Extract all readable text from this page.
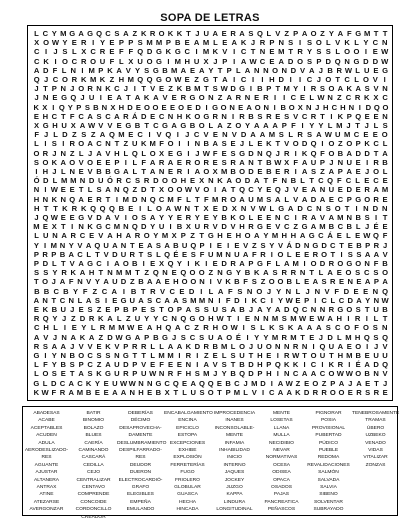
SOPA DE LETRAS
L C Y M G A G Q C S A Z K R O K K T J U A E R A S Q L V Z P A O Z Y A F G M T T
X O W Y E R I Y E P P S M M P B E A M L E A K J R P N S I S O L V K L Y C N
C I J S L X C R E F F Q D G K G C I M K V I C T N E M T R Y S S L O O I E W
C K I O C R O U F L X U O G I M H U X J P I A W C E A D O S P D Q N G D D W
A D F L N I M P K A V Y S G B M A E A Y T P L A N N O N D V A J B R W L U E G
Q J C O R K M K Z H M Q Q G O W E Z G T A I C I I H D I I C J O T C L O V I
J T P N J O R N K C J I T V E Z K B M T S W D G I B P T M Y I R S O A K A S V N
J N E G Q J U I E A T A K A V E R G O N Z A R N E R I I C E L W N Z C R K X C
K X I Q Y P S B N X H D E O O E E O E D I G O N E A O N I B O X N J H C H N I D Q O
E H C T F C A S C A R Á D E C N H K O G R N I R B S R E S V C R T I K P Q E E N
X G H U X A W V V E G B T C G A G B O L A Z O Y A A A P F I Y Y L M J T J L S
F J L D Z S Z A Q M E C I V Q I J C V E N V D A A M S L R S A W U M C E E O
L I S I R O A C N T Z U K M F O I I N B A S E J L E K T V O D Q I O Z O P K C L
O R J N Z L J A V H L Q L O X E G I J W F E S G D N Q J R I K Q F O B A D D T A
S O K A O V O E E P I L F A R A E R O R E S R A N T B W X F A U P J N U E I R B
I H J L N E V B B G A L T A N E R I A O X M B O D E B E R I A S Z A P A E J O L
Ó D L M M N D U Ó R C S R D O O H E X N K A O D A T F N B L T C Q F C L E C E
N I W E E T L S A N Q Z D T X O O W V O I A T Q C Y E Q J V E A N U E D E R A M
H N K N Q A E R T I M D N Q C M F L T F M R O A U M S A L V A D A E C P G O R E
H T T K R K Q Q Q B E I L O A W N T X E D X N V W L G A D C N S O T I N D N
J Q W E E G V D A V I O S A Y Y E R Y E Y B K O L E E N C I R A V A M N B S I T
M E X T I N K G C M N Q D Y U I B X U R V D V H R G E V C Z G A M B C B L J É E
L U N A R C E V A H A R O Y M X P Z T G H E H O A Y M H H A G C Á E L E W Q F
Y I M N Y V A Q U A N T E A S A B U Q P I E I E V Z S Y V Á D N G D C T E B P R J
P R P B A C L T V D U R T S L Q É E S F U M N U A F R I O L E E R O T I S S A A V
P D L T V A G C I A O B I E X Q Y I K I E D R A P G F L A M I O D R O G O N F B
S S Y R K A H T N M M T Z Q N E Q O O Z N G Y B K A S R R N T L A E O S C S O
T O J A F N V Y A U D Z B A A E H O O N I V K B F S Z O O B L E A S R E N E A P A
B B C B Y F Z C A I B T R V C E D I L A F S N O J Y N L J N V F D E E N Q
A N T C N L A S I E G U A S C A A S M M N I F D I K C I Y W E P I C L C D A Y N W
E K B U J E S Z E P B P E S T O P A S S U S A B J A Y A D Q C N N R G O S T U B
R Q Y J Z D R K A L Z U Y Y C N Q G O H W T I E N N M S M W E W A H I R I L T
C H L I E Y L R M M W E A H Q A C Z R H O W I S L K S K A A A S C O F O S N
A V J N A K A Z D W G A P B G J S C S U A O É I Y Y M R M T E J D L M H Q S Q
R S A A J V V E K V P R R L L A A K D R B M L O J U O N N R N I Q U A E O I J V
G I Y N B O C S S N G T T L M M I R I Z E L S U T H E I R W T O U T H M B E U U
L F Y B S P C Z A U D P V E F E E N I A V S T B D H P Q K K I C I K R I É A D Q
L O S E T A S K G U R P U W N R F H S M J Y B Q D P H I N C A A C O W W O B N V
G L D C A C K Y E U W W N N G C Q E A Q Q E B C J M D I A W Z E O Z P A J A E T J
K W F R A M B E E A A N H E B X T L U S O T P M L V I C A A K D R R O O E R S R E
ABADESAS
ACABE
ACEPTABLES
ACUDEN
ADULA
AERODESLIZADO-
RES
AGUANTE
AJUSTAR
ALTANERA
ANTRAX
ATINE
ATEZARSE
AVERGONZAR
BATIR
BINOMIO
BOLAZO
BLUES
CAERÍA
CAMINANDO
CASCARÁ
CEDILLA
CEJO
CENTRALIZAR
CENTAVO
COMPRENDE
CONCOIDE
CORDONCILLO
CREADOR
DEBERÍAS
DÉCIMO
DESAPROVECHA-
DAMENTE
DESLUMBRAMIENTO
DESPILFARRADO-
RES
DEUDOR
DUERON
ELECTROCARDIÓ-
GRAFO
ELEGIBLES
EMPEÑA
EMULANDO
ENCABALGAMIENTO
ENCINA
EPICICLO
ESTOPA
EXCEPCIONES
EXHIBE
EXPLOSIÓN
FERRETERÍAS
FUGO
FRIOLERO
GLOBULAR
GUASCA
HECHA
HINCADA
IMPROCEDENCIA
INANES
INCONSOLABLE-
MENTE
INFAMIA
INHABILIDAD
INICIO
INTERNO
JAQUES
JOCKEY
JUZGO
KAPPA
LINDURA
LONGITUDINAL
MENTE
LOSETAS
LLANA
MULLA
NECIDIBIO
NEVAR
NORMATIVAS
OCESA
ODISEA
OPACA
OSADOS
PAJAS
PANCREATICA
PEÑASCOS
PIGNORAR
POSIA
PROVISIONAL
PUBERTAD
PÚDICO
PUEBLE
REDOMA
REVALIDACIONES
SALMÓN
SALVADA
SALVIA
SIBENO
SOLVENTAR
SUBRAYADO
TENEBROSAMENTE
TRAMAS
ÚBERO
UZBEKO
VENADO
VIDAS
VITALIZAR
ZONZAS
